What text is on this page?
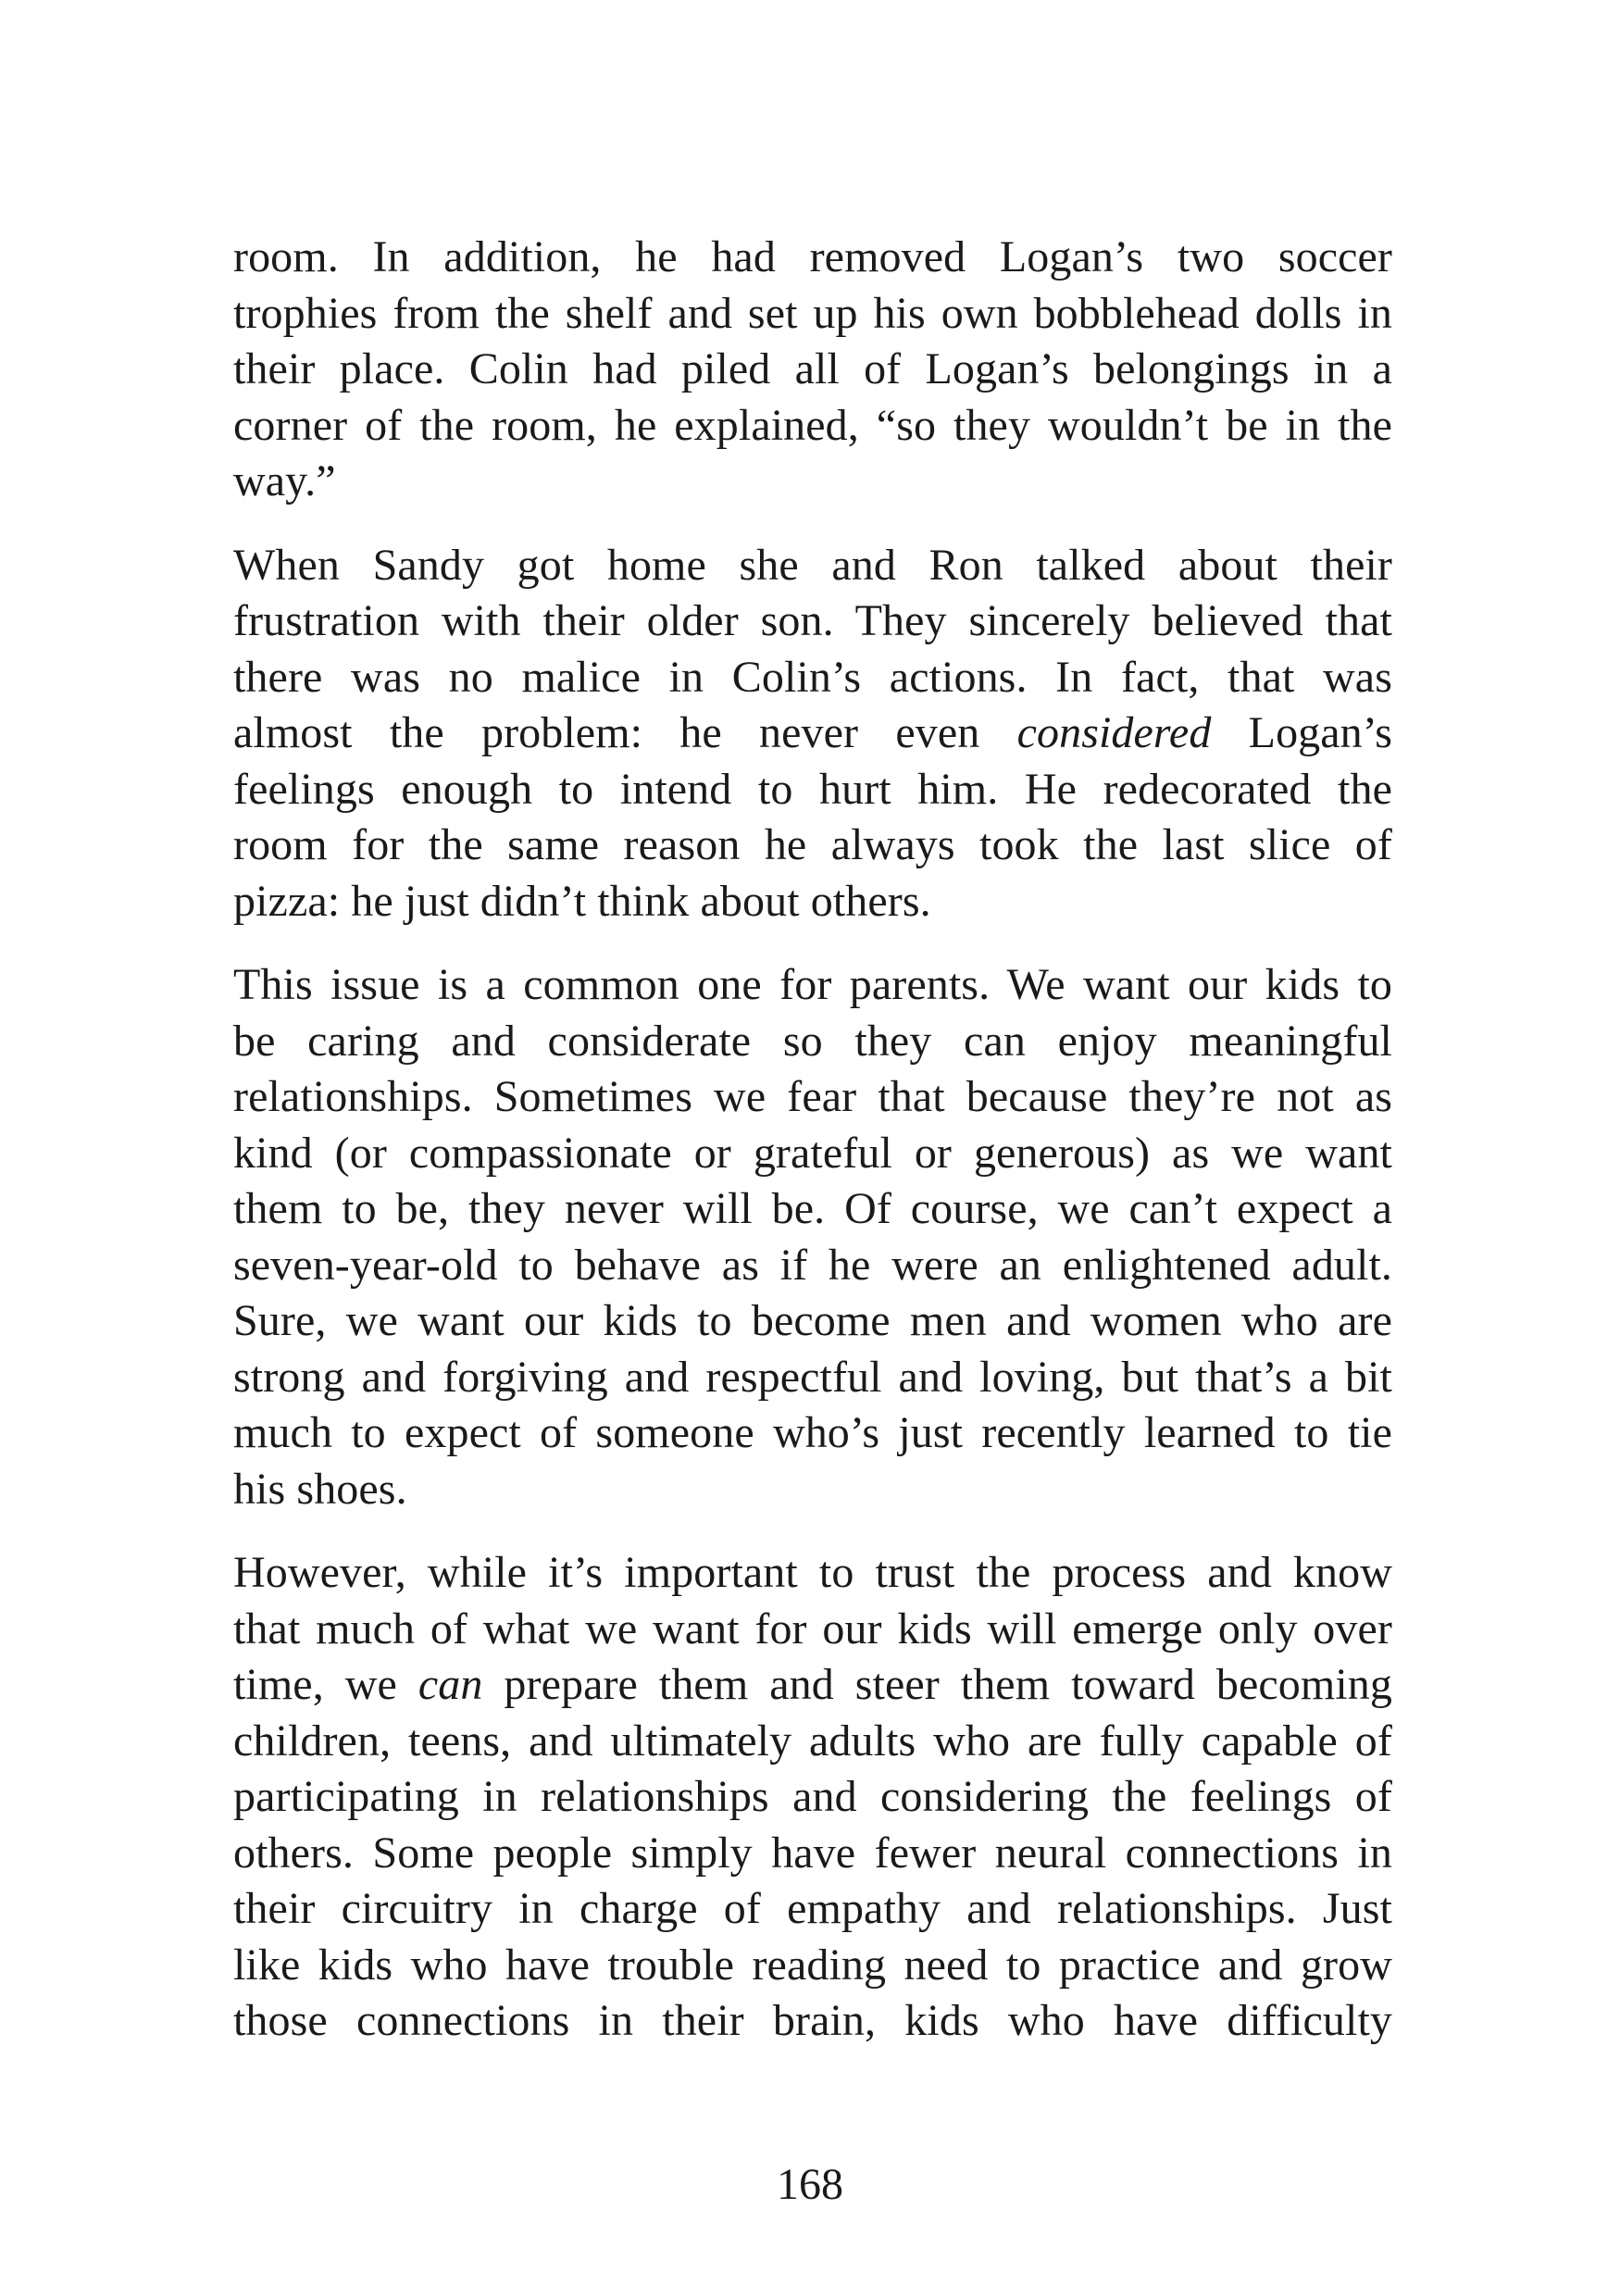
room. In addition, he had removed Logan’s two soccer
trophies from the shelf and set up his own bobblehead dolls in
their place. Colin had piled all of Logan’s belongings in a
corner of the room, he explained, “so they wouldn’t be in the
way.”

When Sandy got home she and Ron talked about their
frustration with their older son. They sincerely believed that
there was no malice in Colin’s actions. In fact, that was
almost the problem: he never even considered Logan’s
feelings enough to intend to hurt him. He redecorated the
room for the same reason he always took the last slice of
pizza: he just didn’t think about others.

This issue is a common one for parents. We want our kids to
be caring and considerate so they can enjoy meaningful
relationships. Sometimes we fear that because they’re not as
kind (or compassionate or grateful or generous) as we want
them to be, they never will be. Of course, we can’t expect a
seven-year-old to behave as if he were an enlightened adult.
Sure, we want our kids to become men and women who are
strong and forgiving and respectful and loving, but that’s a bit
much to expect of someone who’s just recently learned to tie
his shoes.

However, while it’s important to trust the process and know
that much of what we want for our kids will emerge only over
time, we can prepare them and steer them toward becoming
children, teens, and ultimately adults who are fully capable of
participating in relationships and considering the feelings of
others. Some people simply have fewer neural connections in
their circuitry in charge of empathy and relationships. Just
like kids who have trouble reading need to practice and grow
those connections in their brain, kids who have difficulty

168
